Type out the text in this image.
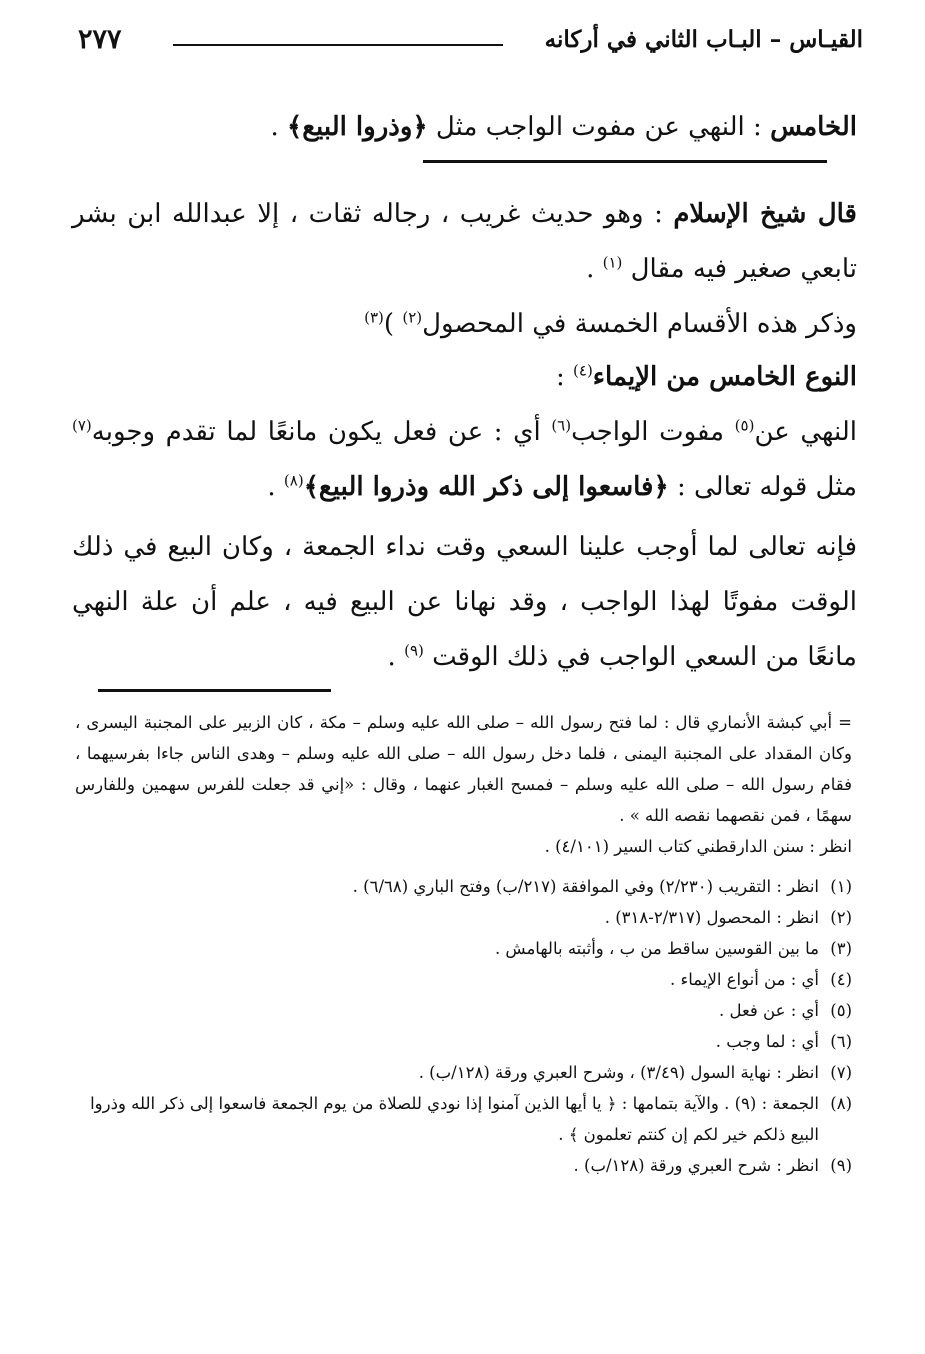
القيـاس – البـاب الثاني في أركانه
٢٧٧
الخامس : النهي عن مفوت الواجب مثل ﴿وذروا البيع﴾ .
قال شيخ الإسلام : وهو حديث غريب ، رجاله ثقات ، إلا عبدالله ابن بشر تابعي صغير فيه مقال $^{(١)}$ .
وذكر هذه الأقسام الخمسة في المحصول$^{(٢)}$ )$^{(٣)}$
النوع الخامس من الإيماء$^{(٤)}$ :
النهي عن$^{(٥)}$ مفوت الواجب$^{(٦)}$ أي : عن فعل يكون مانعًا لما تقدم وجوبه$^{(٧)}$ مثل قوله تعالى : ﴿فاسعوا إلى ذكر الله وذروا البيع﴾$^{(٨)}$ .
فإنه تعالى لما أوجب علينا السعي وقت نداء الجمعة ، وكان البيع في ذلك الوقت مفوتًا لهذا الواجب ، وقد نهانا عن البيع فيه ، علم أن علة النهي مانعًا من السعي الواجب في ذلك الوقت $^{(٩)}$ .

= أبي كبشة الأنماري قال : لما فتح رسول الله – صلى الله عليه وسلم – مكة ، كان الزبير على المجنبة اليسرى ، وكان المقداد على المجنبة اليمنى ، فلما دخل رسول الله – صلى الله عليه وسلم – وهدى الناس جاءا بفرسيهما ، فقام رسول الله – صلى الله عليه وسلم – فمسح الغبار عنهما ، وقال : «إني قد جعلت للفرس سهمين وللفارس سهمًا ، فمن نقصهما نقصه الله » .

انظر : سنن الدارقطني كتاب السير (٤/١٠١) .

(١)انظر : التقريب (٢/٢٣٠) وفي الموافقة (٢١٧/ب) وفتح الباري (٦/٦٨) .

(٢)انظر : المحصول (٢/٣١٧-٣١٨) .

(٣)ما بين القوسين ساقط من ب ، وأثبته بالهامش .

(٤)أي : من أنواع الإيماء .

(٥)أي : عن فعل .

(٦)أي : لما وجب .

(٧)انظر : نهاية السول (٣/٤٩) ، وشرح العبري ورقة (١٢٨/ب) .

(٨)الجمعة : (٩) . والآية بتمامها : ﴿ يا أيها الذين آمنوا إذا نودي للصلاة من يوم الجمعة فاسعوا إلى ذكر الله وذروا البيع ذلكم خير لكم إن كنتم تعلمون ﴾ .

(٩)انظر : شرح العبري ورقة (١٢٨/ب) .
